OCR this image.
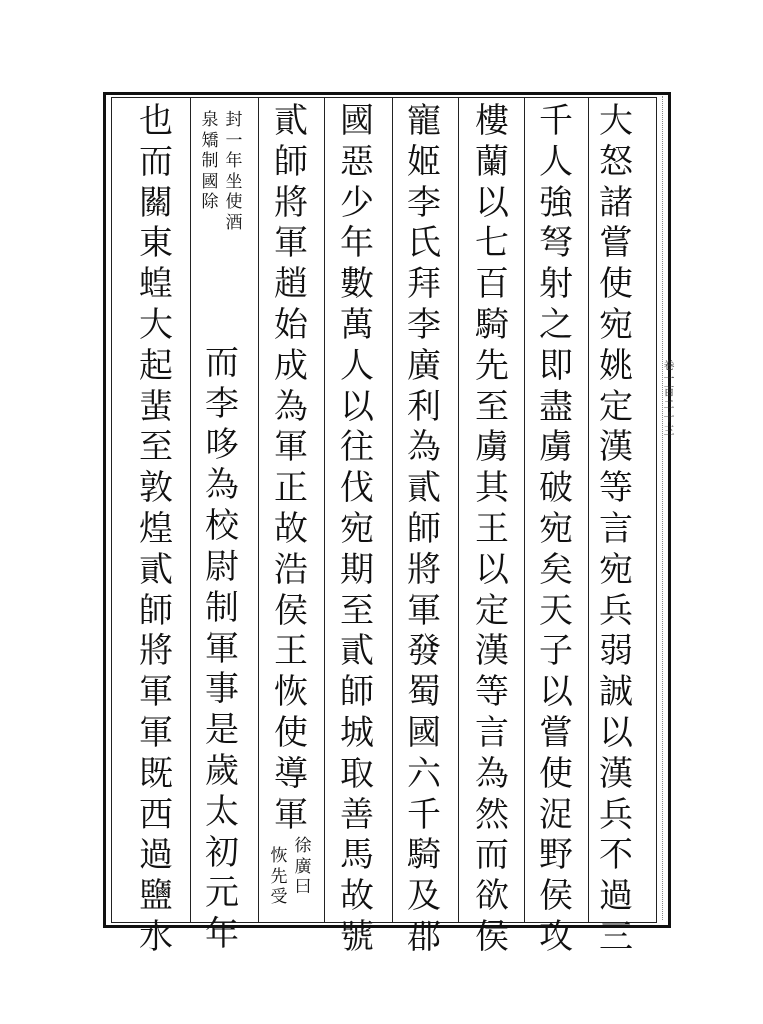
大
怒
諸
嘗
使
宛
姚
定
漢
等
言
宛
兵
弱
誠
以
漢
兵
不
過
三
千
人
強
弩
射
之
即
盡
虜
破
宛
矣
天
子
以
嘗
使
浞
野
侯
攻
樓
蘭
以
七
百
騎
先
至
虜
其
王
以
定
漢
等
言
為
然
而
欲
侯
寵
姬
李
氏
拜
李
廣
利
為
貳
師
將
軍
發
蜀
國
六
千
騎
及
郡
國
惡
少
年
數
萬
人
以
往
伐
宛
期
至
貳
師
城
取
善
馬
故
號
貳
師
將
軍
趙
始
成
為
軍
正
故
浩
侯
王
恢
使
導
軍
徐
廣
曰
恢
先
受
封
一
年
坐
使
酒
泉
矯
制
國
除
而
李
哆
為
校
尉
制
軍
事
是
歲
太
初
元
年
也
而
關
東
蝗
大
起
蜚
至
敦
煌
貳
師
將
軍
軍
既
西
過
鹽
水
卷
一
百
二
十
三
